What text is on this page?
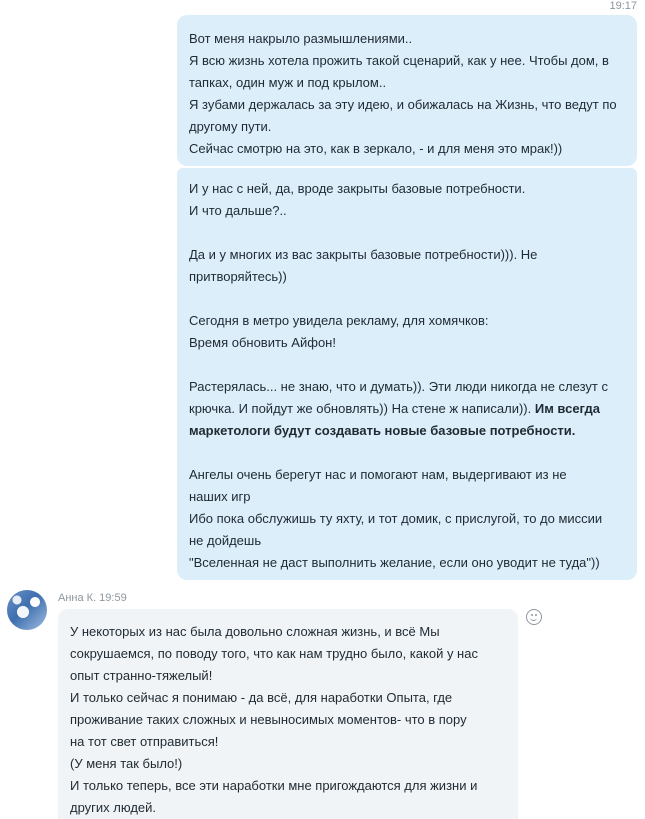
19:17
Вот меня накрыло размышлениями..
Я всю жизнь хотела прожить такой сценарий, как у нее. Чтобы дом, в
тапках, один муж и под крылом..
Я зубами держалась за эту идею, и обижалась на Жизнь, что ведут по
другому пути.
Сейчас смотрю на это, как в зеркало, - и для меня это мрак!))
И у нас с ней, да, вроде закрыты базовые потребности.
И что дальше?..
Да и у многих из вас закрыты базовые потребности))). Не
притворяйтесь))
Сегодня в метро увидела рекламу, для хомячков:
Время обновить Айфон!
Растерялась... не знаю, что и думать)). Эти люди никогда не слезут с
крючка. И пойдут же обновлять)) На стене ж написали)). Им всегда
маркетологи будут создавать новые базовые потребности.
Ангелы очень берегут нас и помогают нам, выдергивают из не
наших игр
Ибо пока обслужишь ту яхту, и тот домик, с прислугой, то до миссии
не дойдешь
"Вселенная не даст выполнить желание, если оно уводит не туда"))
Анна К. 19:59
У некоторых из нас была довольно сложная жизнь, и всё Мы
сокрушаемся, по поводу того, что как нам трудно было, какой у нас
опыт странно-тяжелый!
И только сейчас я понимаю - да всё, для наработки Опыта, где
проживание таких сложных и невыносимых моментов- что в пору
на тот свет отправиться!
(У меня так было!)
И только теперь, все эти наработки мне пригождаются для жизни и
других людей.
